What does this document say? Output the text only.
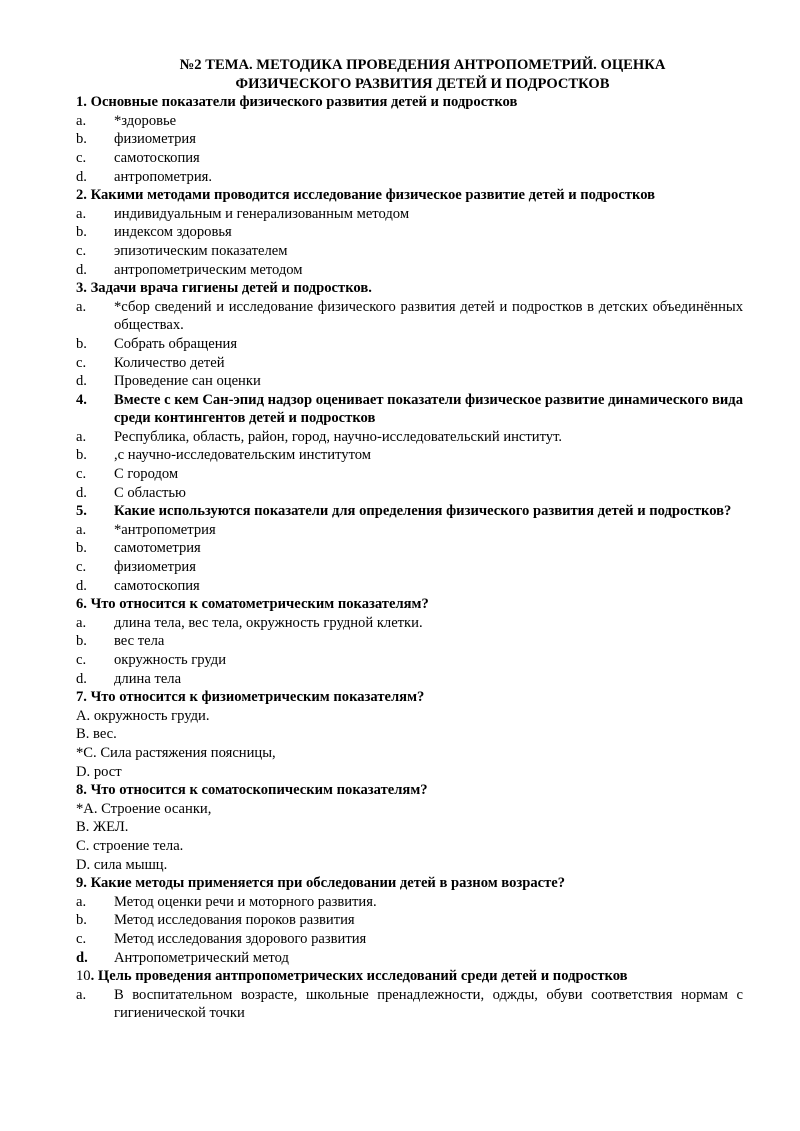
№2 ТЕМА. МЕТОДИКА ПРОВЕДЕНИЯ АНТРОПОМЕТРИЙ. ОЦЕНКА
ФИЗИЧЕСКОГО РАЗВИТИЯ ДЕТЕЙ И ПОДРОСТКОВ
1. Основные показатели физического развития детей и подростков
a.	*здоровье
b.	физиометрия
c.	самотоскопия
d.	антропометрия.
2. Какими методами проводится исследование физическое развитие детей и подростков
a.	индивидуальным и генерализованным методом
b.	индексом здоровья
c.	эпизотическим показателем
d.	антропометрическим методом
3. Задачи врача гигиены детей и подростков.
a.	*сбор сведений и исследование физического развития детей и подростков в детских объединённых обществах.
b.	Собрать обращения
c.	Количество детей
d.	Проведение сан оценки
4.	Вместе с кем Сан-эпид надзор оценивает показатели физическое развитие динамического вида среди контингентов детей и подростков
a.	Республика, область, район, город, научно-исследовательский институт.
b.	,с научно-исследовательским институтом
c.	С городом
d.	С областью
5.	Какие используются показатели для определения физического развития детей и подростков?
a.	*антропометрия
b.	самотометрия
c.	физиометрия
d.	самотоскопия
6. Что относится к соматометрическим показателям?
a.	длина тела, вес тела, окружность грудной клетки.
b.	вес тела
c.	окружность груди
d.	длина тела
7. Что относится к физиометрическим показателям?
A. окружность груди.
B. вес.
*C. Сила растяжения поясницы,
D. рост
8. Что относится к соматоскопическим показателям?
*A. Строение осанки,
B. ЖЕЛ.
C. строение тела.
D. сила мышц.
9. Какие методы применяется при обследовании детей в разном возрасте?
a.	Метод оценки речи и моторного развития.
b.	Метод исследования пороков развития
c.	Метод исследования здорового развития
d.	Антропометрический метод
10. Цель проведения антпропометрических исследований среди детей и подростков
a.	В воспитательном возрасте, школьные пренадлежности, оджды, обуви соответствия нормам с гигиенической точки
